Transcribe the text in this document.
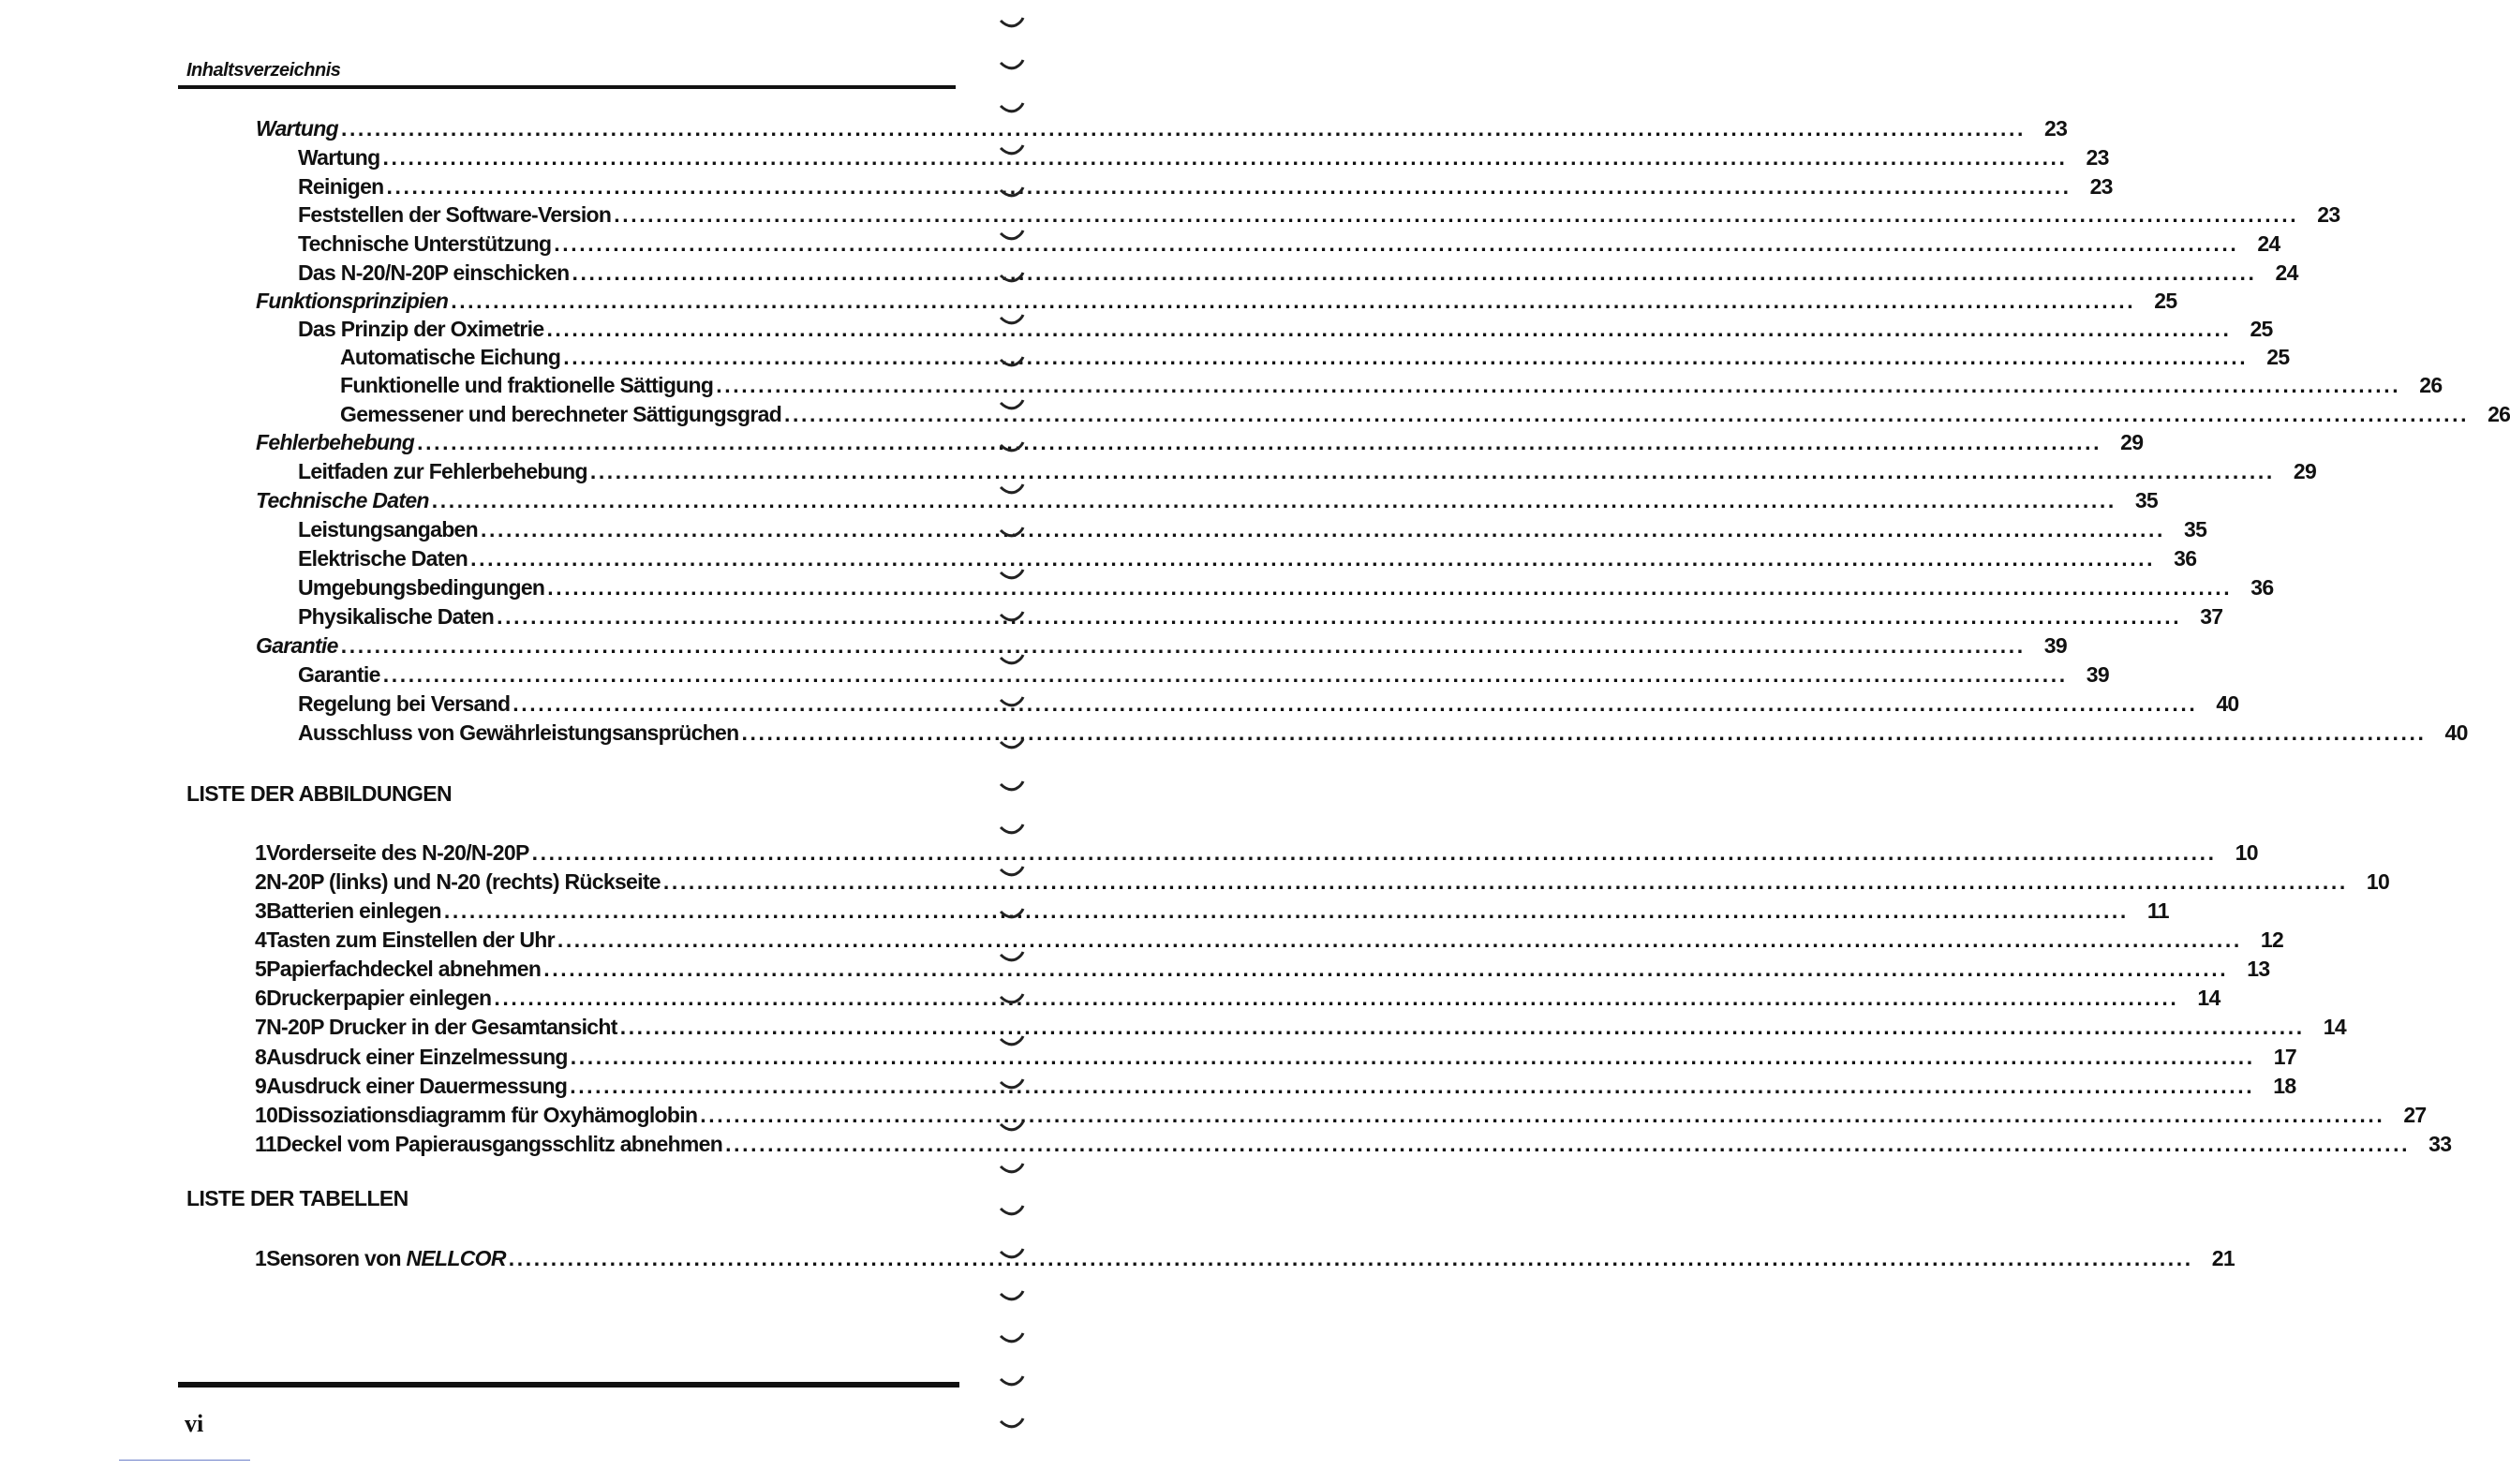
Inhaltsverzeichnis
Wartung ........................................................................................................................................................................................................ 23
Wartung ........................................................................................................................................................................................................ 23
Reinigen ........................................................................................................................................................................................................ 23
Feststellen der Software-Version ........................................................................................................................................................................................................ 23
Technische Unterstützung ........................................................................................................................................................................................................ 24
Das N-20/N-20P einschicken ........................................................................................................................................................................................................ 24
Funktionsprinzipien ........................................................................................................................................................................................................ 25
Das Prinzip der Oximetrie ........................................................................................................................................................................................................ 25
Automatische Eichung ........................................................................................................................................................................................................ 25
Funktionelle und fraktionelle Sättigung ........................................................................................................................................................................................................ 26
Gemessener und berechneter Sättigungsgrad ........................................................................................................................................................................................................ 26
Fehlerbehebung ........................................................................................................................................................................................................ 29
Leitfaden zur Fehlerbehebung ........................................................................................................................................................................................................ 29
Technische Daten ........................................................................................................................................................................................................ 35
Leistungsangaben ........................................................................................................................................................................................................ 35
Elektrische Daten ........................................................................................................................................................................................................ 36
Umgebungsbedingungen ........................................................................................................................................................................................................ 36
Physikalische Daten ........................................................................................................................................................................................................ 37
Garantie ........................................................................................................................................................................................................ 39
Garantie ........................................................................................................................................................................................................ 39
Regelung bei Versand ........................................................................................................................................................................................................ 40
Ausschluss von Gewährleistungsansprüchen ........................................................................................................................................................................................................ 40
LISTE DER ABBILDUNGEN
1 Vorderseite des N-20/N-20P ........................................................................................................................................................................................................ 10
2 N-20P (links) und N-20 (rechts) Rückseite ........................................................................................................................................................................................................ 10
3 Batterien einlegen ........................................................................................................................................................................................................ 11
4 Tasten zum Einstellen der Uhr ........................................................................................................................................................................................................ 12
5 Papierfachdeckel abnehmen ........................................................................................................................................................................................................ 13
6 Druckerpapier einlegen ........................................................................................................................................................................................................ 14
7 N-20P Drucker in der Gesamtansicht ........................................................................................................................................................................................................ 14
8 Ausdruck einer Einzelmessung ........................................................................................................................................................................................................ 17
9 Ausdruck einer Dauermessung ........................................................................................................................................................................................................ 18
10 Dissoziationsdiagramm für Oxyhämoglobin ........................................................................................................................................................................................................ 27
11 Deckel vom Papierausgangsschlitz abnehmen ........................................................................................................................................................................................................ 33
LISTE DER TABELLEN
1 Sensoren von NELLCOR ........................................................................................................................................................................................................ 21
vi
